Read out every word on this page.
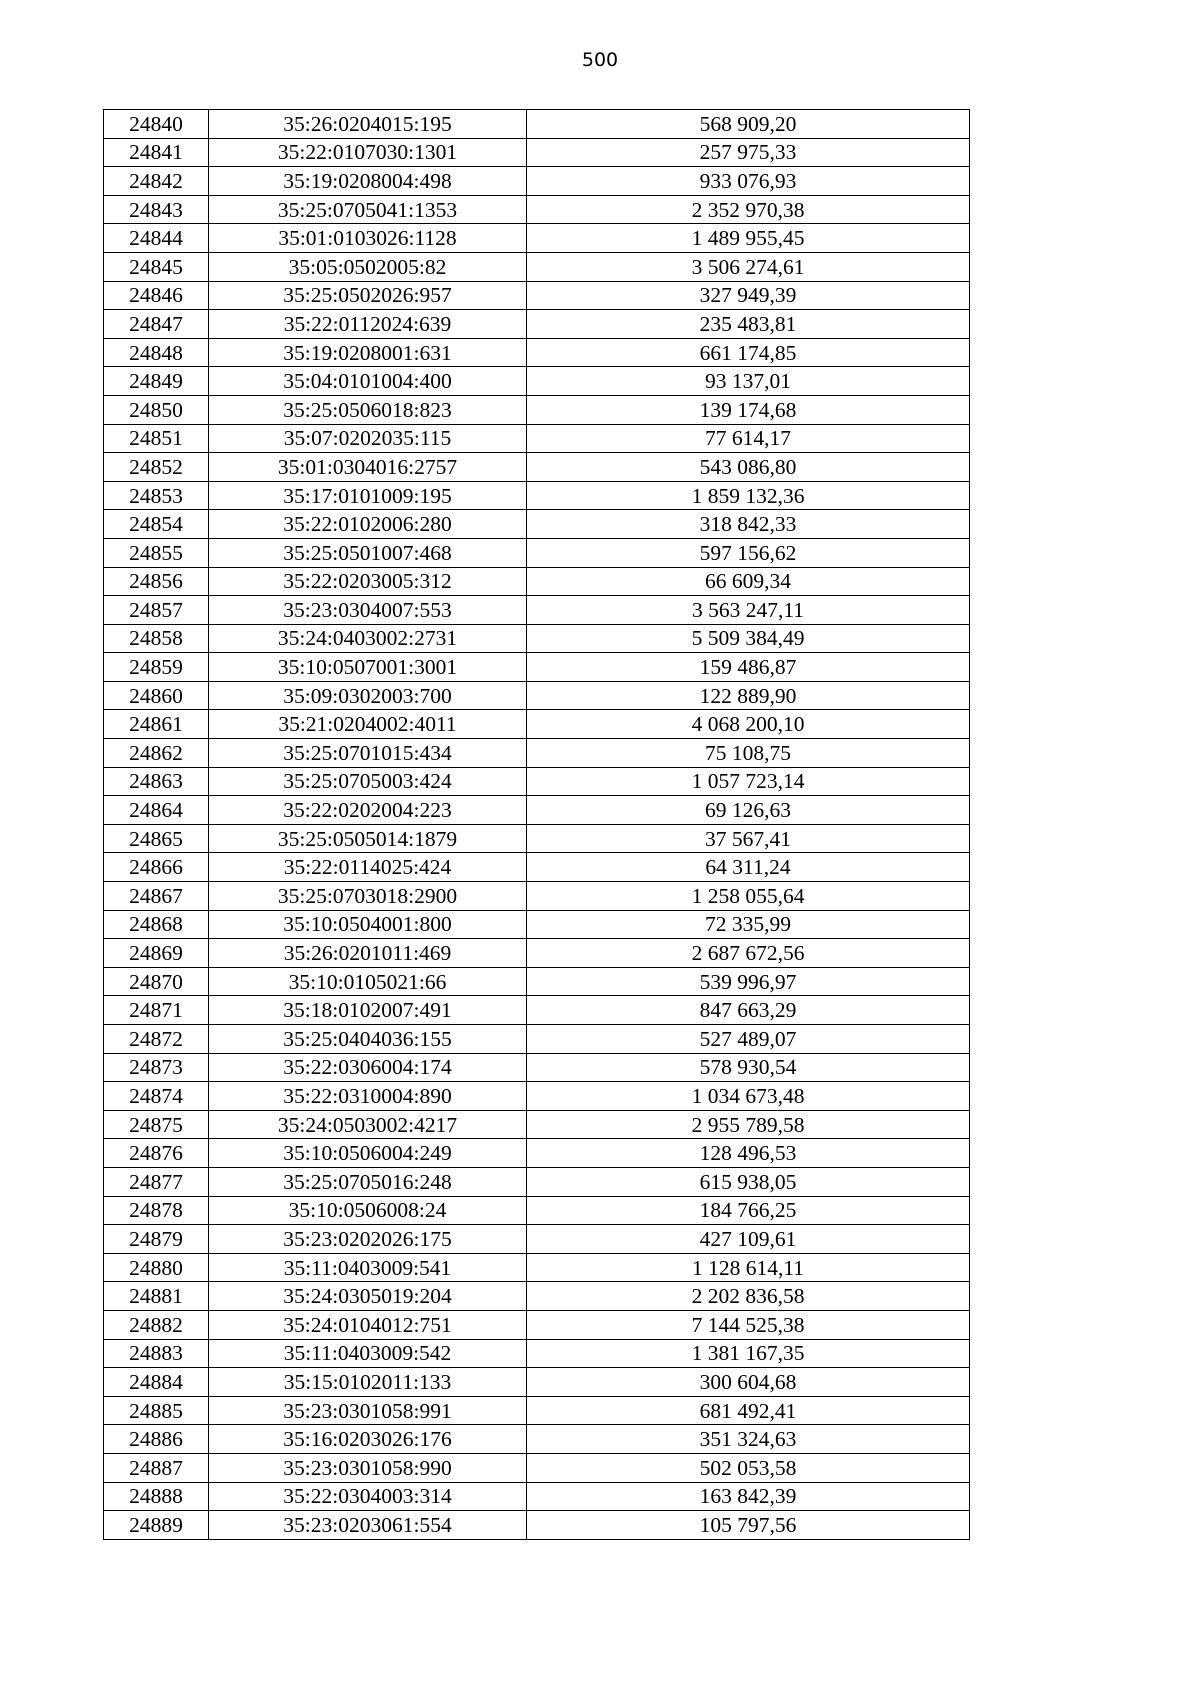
500
24840	35:26:0204015:195	568 909,20
24841	35:22:0107030:1301	257 975,33
24842	35:19:0208004:498	933 076,93
24843	35:25:0705041:1353	2 352 970,38
24844	35:01:0103026:1128	1 489 955,45
24845	35:05:0502005:82	3 506 274,61
24846	35:25:0502026:957	327 949,39
24847	35:22:0112024:639	235 483,81
24848	35:19:0208001:631	661 174,85
24849	35:04:0101004:400	93 137,01
24850	35:25:0506018:823	139 174,68
24851	35:07:0202035:115	77 614,17
24852	35:01:0304016:2757	543 086,80
24853	35:17:0101009:195	1 859 132,36
24854	35:22:0102006:280	318 842,33
24855	35:25:0501007:468	597 156,62
24856	35:22:0203005:312	66 609,34
24857	35:23:0304007:553	3 563 247,11
24858	35:24:0403002:2731	5 509 384,49
24859	35:10:0507001:3001	159 486,87
24860	35:09:0302003:700	122 889,90
24861	35:21:0204002:4011	4 068 200,10
24862	35:25:0701015:434	75 108,75
24863	35:25:0705003:424	1 057 723,14
24864	35:22:0202004:223	69 126,63
24865	35:25:0505014:1879	37 567,41
24866	35:22:0114025:424	64 311,24
24867	35:25:0703018:2900	1 258 055,64
24868	35:10:0504001:800	72 335,99
24869	35:26:0201011:469	2 687 672,56
24870	35:10:0105021:66	539 996,97
24871	35:18:0102007:491	847 663,29
24872	35:25:0404036:155	527 489,07
24873	35:22:0306004:174	578 930,54
24874	35:22:0310004:890	1 034 673,48
24875	35:24:0503002:4217	2 955 789,58
24876	35:10:0506004:249	128 496,53
24877	35:25:0705016:248	615 938,05
24878	35:10:0506008:24	184 766,25
24879	35:23:0202026:175	427 109,61
24880	35:11:0403009:541	1 128 614,11
24881	35:24:0305019:204	2 202 836,58
24882	35:24:0104012:751	7 144 525,38
24883	35:11:0403009:542	1 381 167,35
24884	35:15:0102011:133	300 604,68
24885	35:23:0301058:991	681 492,41
24886	35:16:0203026:176	351 324,63
24887	35:23:0301058:990	502 053,58
24888	35:22:0304003:314	163 842,39
24889	35:23:0203061:554	105 797,56
